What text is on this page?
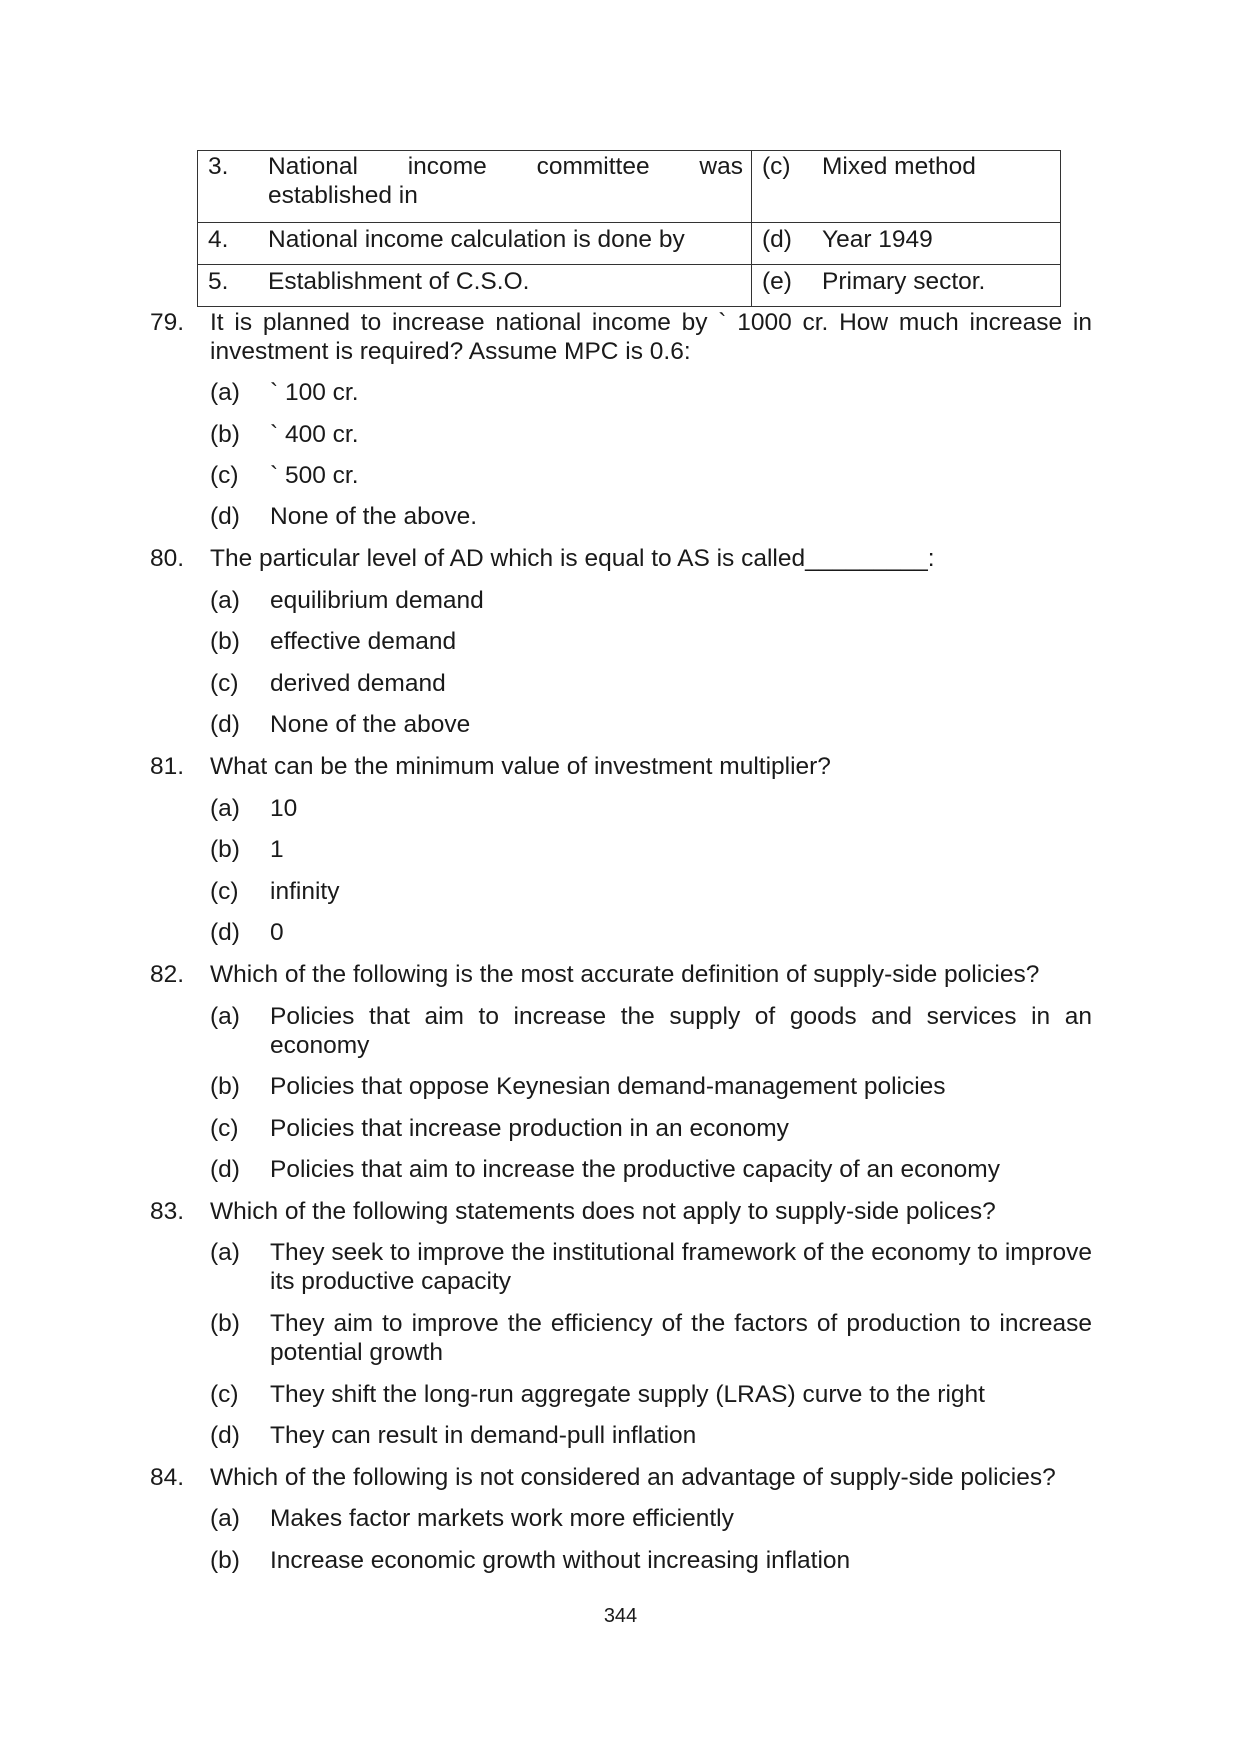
3. National income committee was established in	(c) Mixed method

4. National income calculation is done by	(d) Year 1949

5. Establishment of C.S.O.	(e) Primary sector.
79.	It is planned to increase national income by ` 1000 cr. How much increase in investment is required? Assume MPC is 0.6:
(a)	` 100 cr.
(b)	` 400 cr.
(c)	` 500 cr.
(d)	None of the above.
80.	The particular level of AD which is equal to AS is called_________:
(a)	equilibrium demand
(b)	effective demand
(c)	derived demand
(d)	None of the above
81.	What can be the minimum value of investment multiplier?
(a)	10
(b)	1
(c)	infinity
(d)	0
82.	Which of the following is the most accurate definition of supply-side policies?
(a)	Policies that aim to increase the supply of goods and services in an economy
(b)	Policies that oppose Keynesian demand-management policies
(c)	Policies that increase production in an economy
(d)	Policies that aim to increase the productive capacity of an economy
83.	Which of the following statements does not apply to supply-side polices?
(a)	They seek to improve the institutional framework of the economy to improve its productive capacity
(b)	They aim to improve the efficiency of the factors of production to increase potential growth
(c)	They shift the long-run aggregate supply (LRAS) curve to the right
(d)	They can result in demand-pull inflation
84.	Which of the following is not considered an advantage of supply-side policies?
(a)	Makes factor markets work more efficiently
(b)	Increase economic growth without increasing inflation
344
